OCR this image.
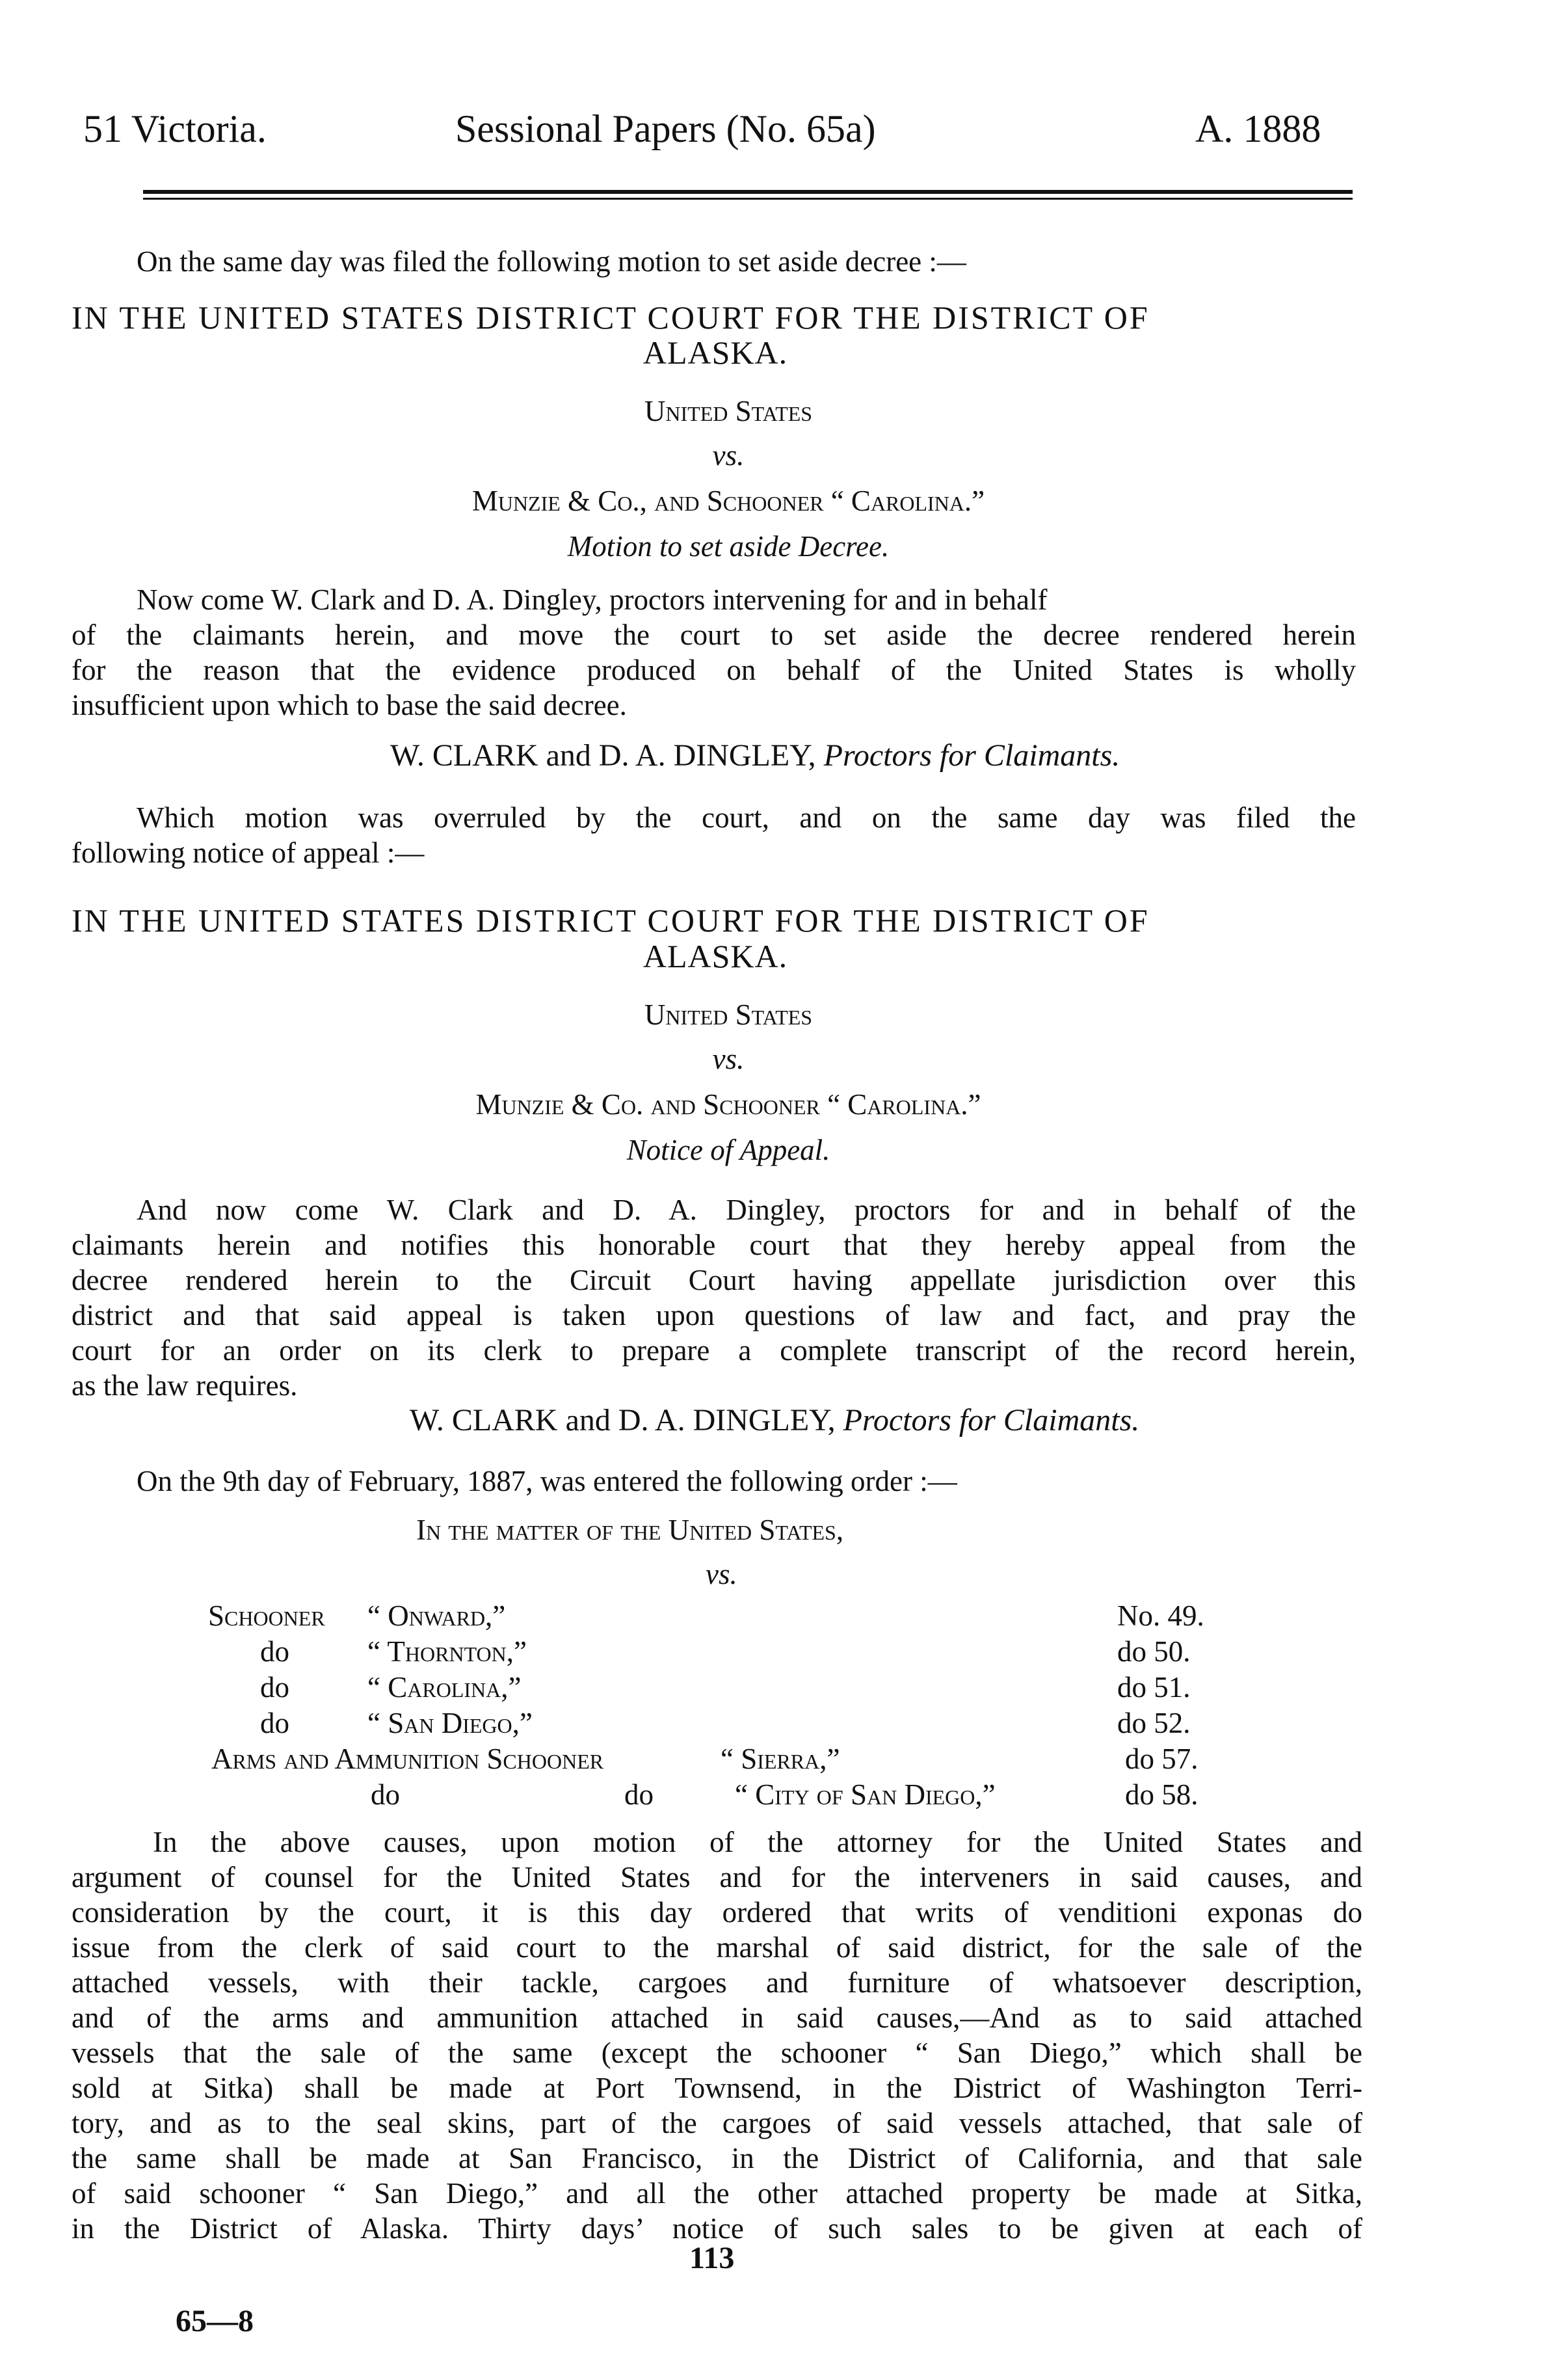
51 Victoria.	Sessional Papers (No. 65a)	A. 1888
On the same day was filed the following motion to set aside decree :—
IN THE UNITED STATES DISTRICT COURT FOR THE DISTRICT OF
ALASKA.
United States
vs.
Munzie & Co., and Schooner “ Carolina.”
Motion to set aside Decree.
Now come W. Clark and D. A. Dingley, proctors intervening for and in behalf
of the claimants herein, and move the court to set aside the decree rendered herein
for the reason that the evidence produced on behalf of the United States is wholly
insufficient upon which to base the said decree.
W. CLARK and D. A. DINGLEY, Proctors for Claimants.
Which motion was overruled by the court, and on the same day was filed the
following notice of appeal :—
IN THE UNITED STATES DISTRICT COURT FOR THE DISTRICT OF
ALASKA.
United States
vs.
Munzie & Co. and Schooner “ Carolina.”
Notice of Appeal.
And now come W. Clark and D. A. Dingley, proctors for and in behalf of the
claimants herein and notifies this honorable court that they hereby appeal from the
decree rendered herein to the Circuit Court having appellate jurisdiction over this
district and that said appeal is taken upon questions of law and fact, and pray the
court for an order on its clerk to prepare a complete transcript of the record herein,
as the law requires.
W. CLARK and D. A. DINGLEY, Proctors for Claimants.
On the 9th day of February, 1887, was entered the following order :—
In the matter of the United States,
vs.
Schooner “ Onward,”	No. 49.
do	“ Thornton,”	do 50.
do	“ Carolina,”	do 51.
do	“ San Diego,”	do 52.
Arms and Ammunition Schooner	“ Sierra,”	do 57.
do	do	“ City of San Diego,”	do 58.
In the above causes, upon motion of the attorney for the United States and
argument of counsel for the United States and for the interveners in said causes, and
consideration by the court, it is this day ordered that writs of venditioni exponas do
issue from the clerk of said court to the marshal of said district, for the sale of the
attached vessels, with their tackle, cargoes and furniture of whatsoever description,
and of the arms and ammunition attached in said causes,—And as to said attached
vessels that the sale of the same (except the schooner “ San Diego,” which shall be
sold at Sitka) shall be made at Port Townsend, in the District of Washington Terri-
tory, and as to the seal skins, part of the cargoes of said vessels attached, that sale of
the same shall be made at San Francisco, in the District of California, and that sale
of said schooner “ San Diego,” and all the other attached property be made at Sitka,
in the District of Alaska. Thirty days’ notice of such sales to be given at each of
113
65—8
